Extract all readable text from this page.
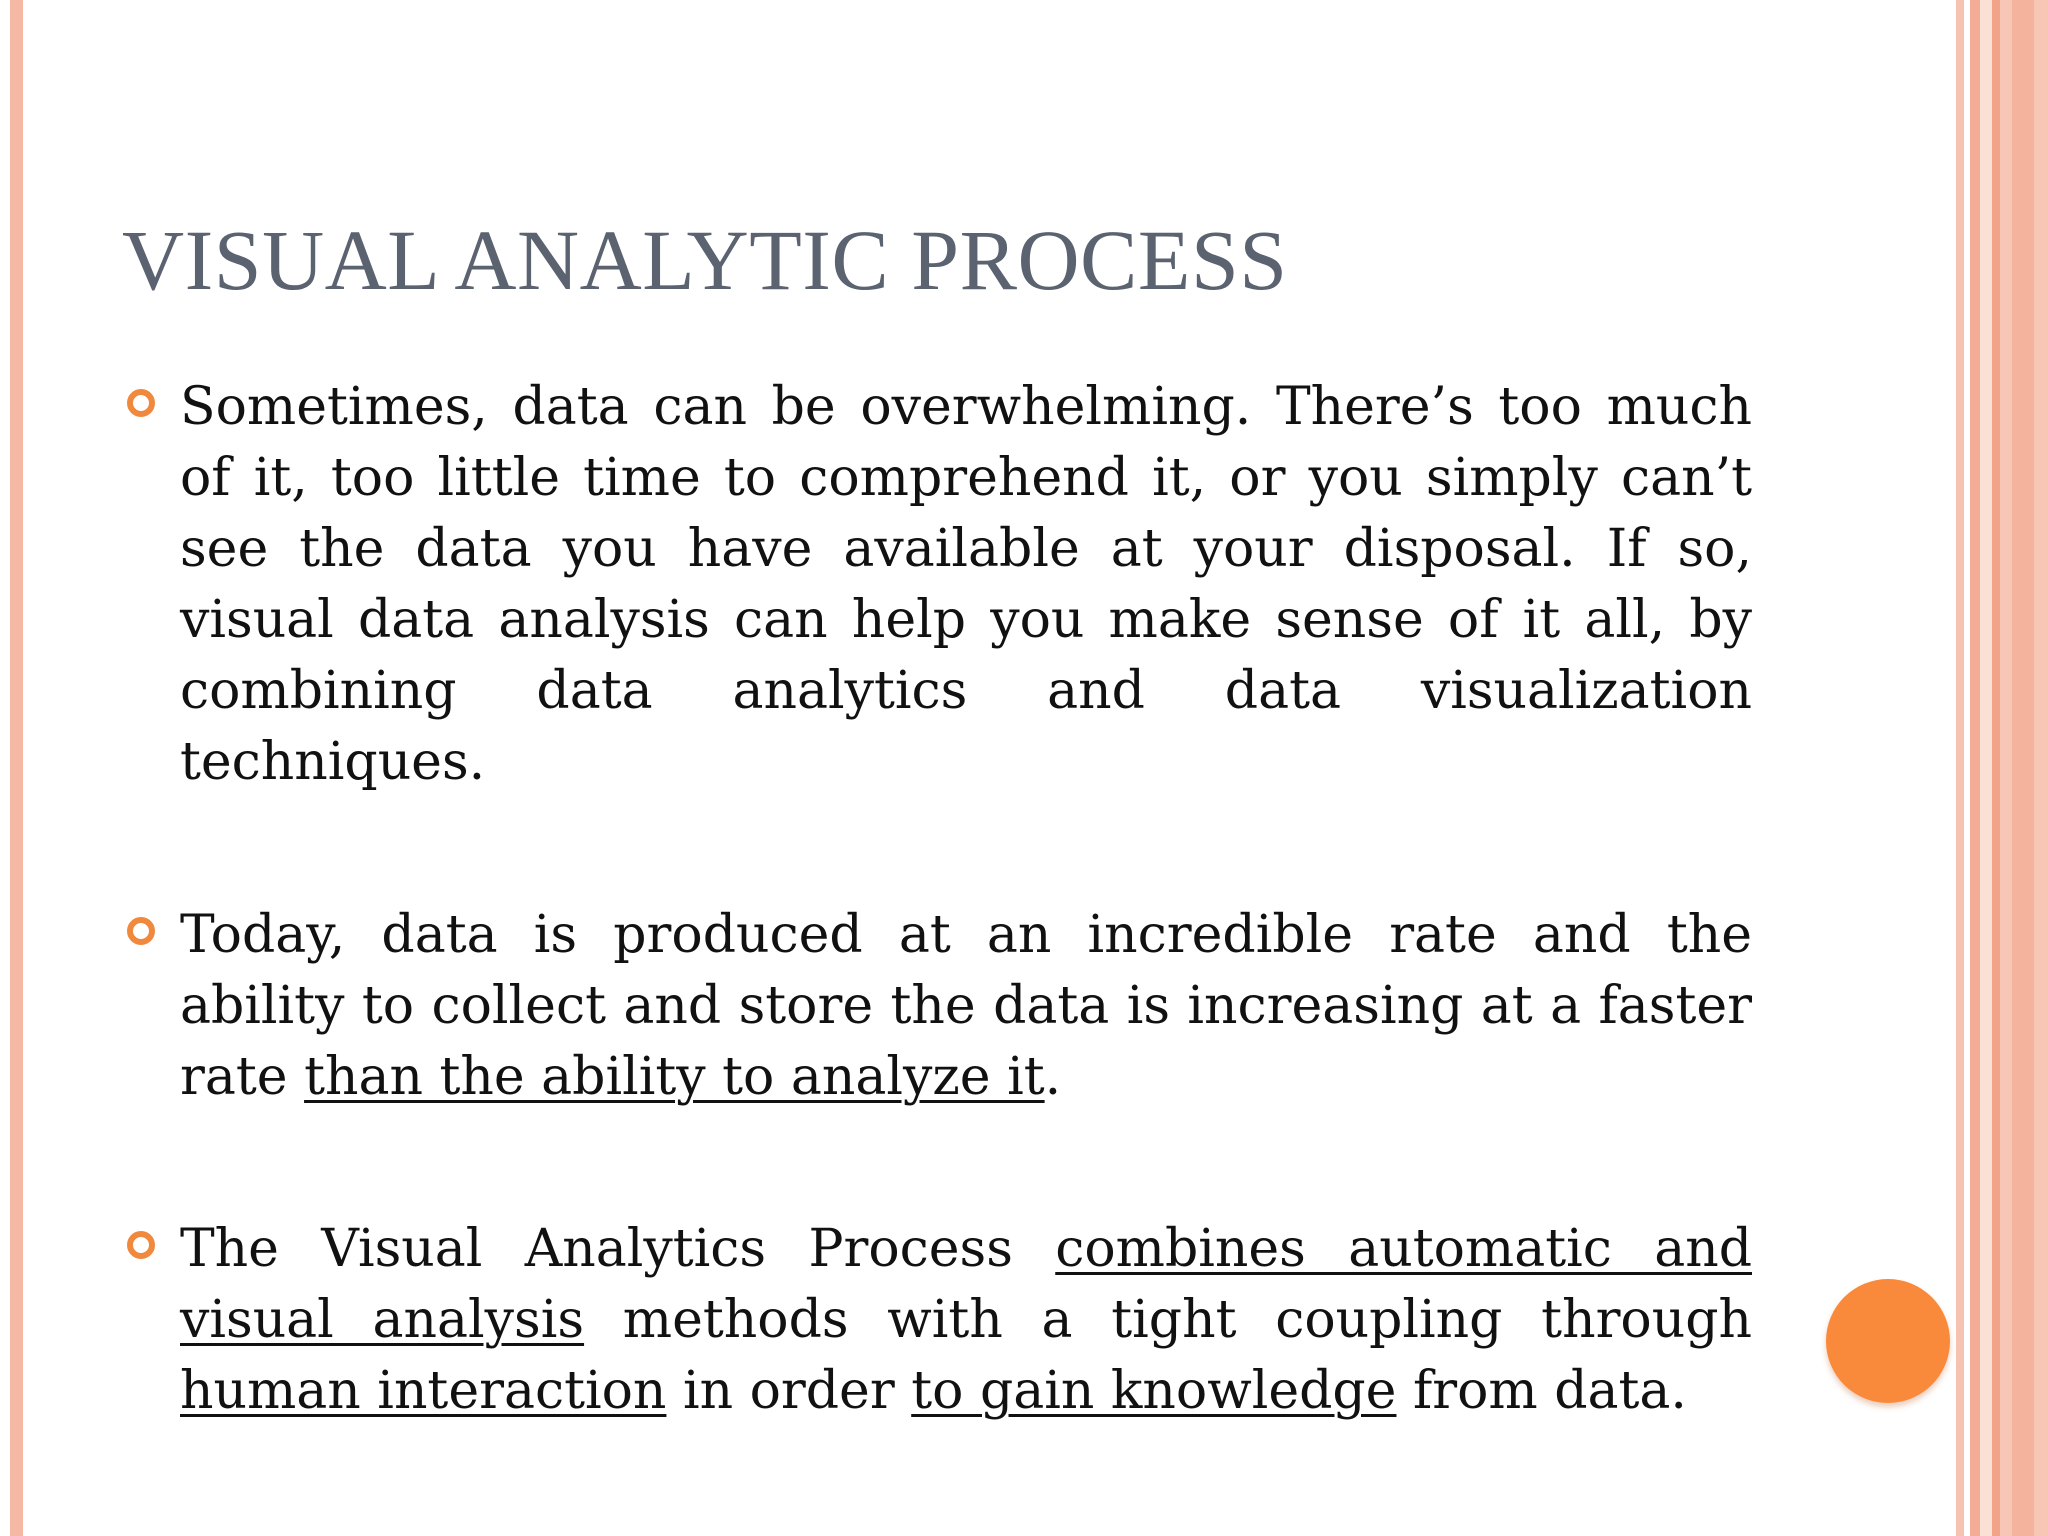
VISUAL ANALYTIC PROCESS
Sometimes, data can be overwhelming. There’s too much of it, too little time to comprehend it, or you simply can’t see the data you have available at your disposal. If so, visual data analysis can help you make sense of it all, by combining data analytics and data visualization techniques.
Today, data is produced at an incredible rate and the ability to collect and store the data is increasing at a faster rate than the ability to analyze it.
The Visual Analytics Process combines automatic and visual analysis methods with a tight coupling through human interaction in order to gain knowledge from data.
